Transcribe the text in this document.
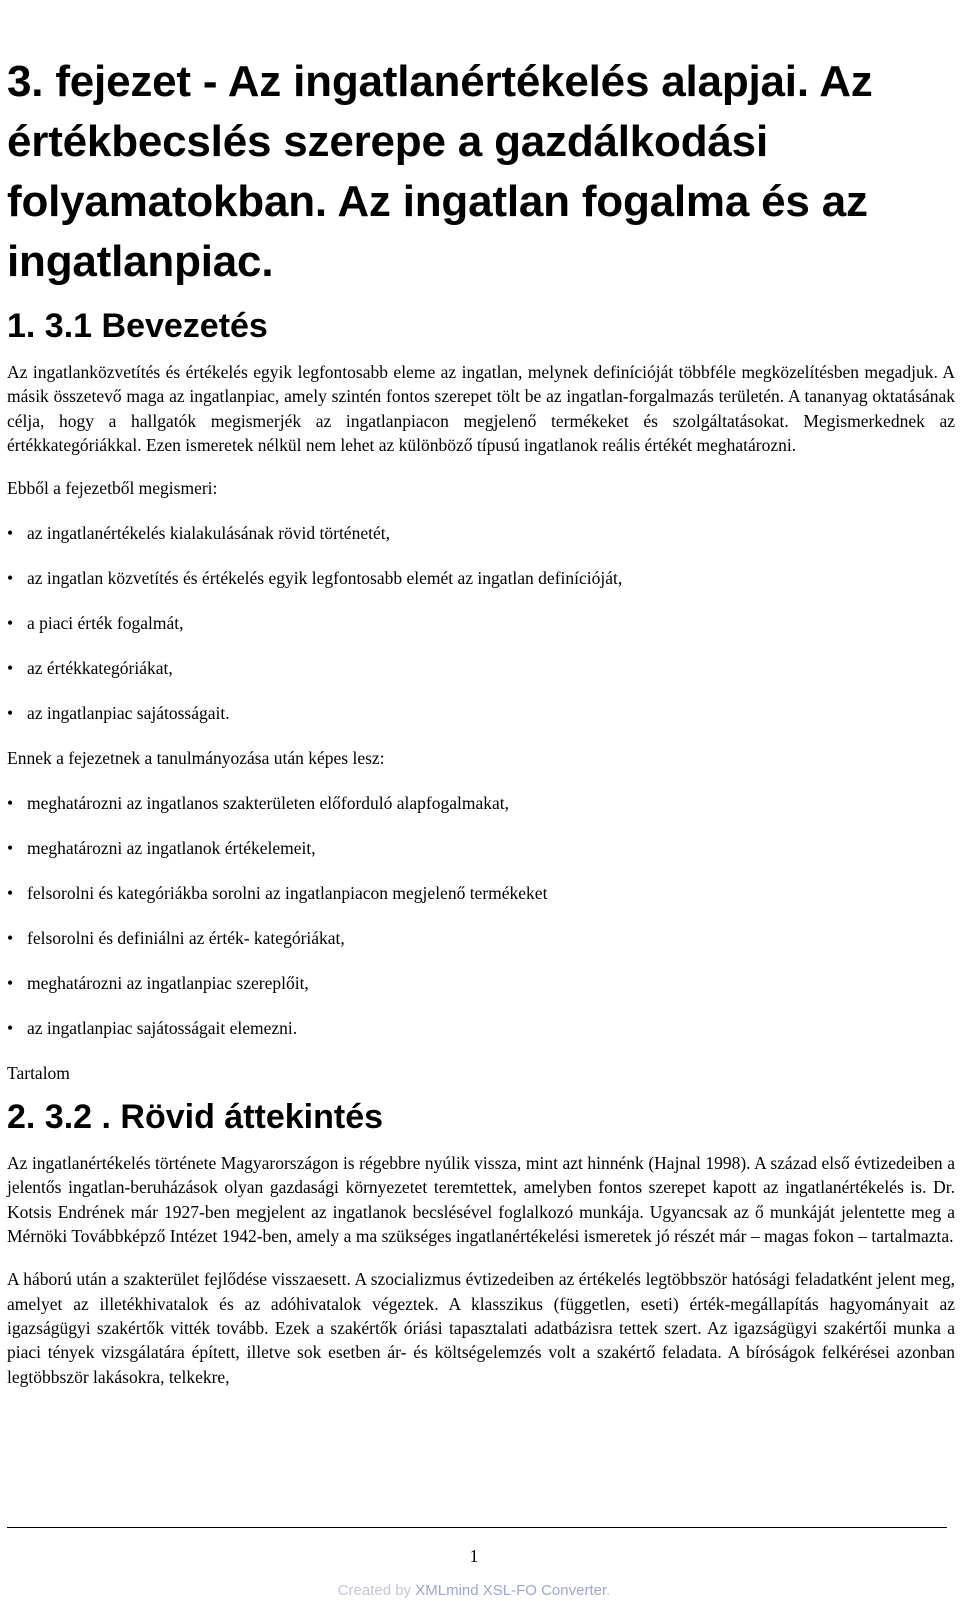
3. fejezet - Az ingatlanértékelés alapjai. Az értékbecslés szerepe a gazdálkodási folyamatokban. Az ingatlan fogalma és az ingatlanpiac.
1. 3.1 Bevezetés

Az ingatlanközvetítés és értékelés egyik legfontosabb eleme az ingatlan, melynek definícióját többféle megközelítésben megadjuk. A másik összetevő maga az ingatlanpiac, amely szintén fontos szerepet tölt be az ingatlan-forgalmazás területén. A tananyag oktatásának célja, hogy a hallgatók megismerjék az ingatlanpiacon megjelenő termékeket és szolgáltatásokat. Megismerkednek az értékkategóriákkal. Ezen ismeretek nélkül nem lehet az különböző típusú ingatlanok reális értékét meghatározni.

Ebből a fejezetből megismeri:

• az ingatlanértékelés kialakulásának rövid történetét,
• az ingatlan közvetítés és értékelés egyik legfontosabb elemét az ingatlan definícióját,
• a piaci érték fogalmát,
• az értékkategóriákat,
• az ingatlanpiac sajátosságait.

Ennek a fejezetnek a tanulmányozása után képes lesz:

• meghatározni az ingatlanos szakterületen előforduló alapfogalmakat,
• meghatározni az ingatlanok értékelemeit,
• felsorolni és kategóriákba sorolni az ingatlanpiacon megjelenő termékeket
• felsorolni és definiálni az érték- kategóriákat,
• meghatározni az ingatlanpiac szereplőit,
• az ingatlanpiac sajátosságait elemezni.

Tartalom

2. 3.2 . Rövid áttekintés

Az ingatlanértékelés története Magyarországon is régebbre nyúlik vissza, mint azt hinnénk (Hajnal 1998). A század első évtizedeiben a jelentős ingatlan-beruházások olyan gazdasági környezetet teremtettek, amelyben fontos szerepet kapott az ingatlanértékelés is. Dr. Kotsis Endrének már 1927-ben megjelent az ingatlanok becslésével foglalkozó munkája. Ugyancsak az ő munkáját jelentette meg a Mérnöki Továbbképző Intézet 1942-ben, amely a ma szükséges ingatlanértékelési ismeretek jó részét már – magas fokon – tartalmazta.

A háború után a szakterület fejlődése visszaesett. A szocializmus évtizedeiben az értékelés legtöbbször hatósági feladatként jelent meg, amelyet az illetékhivatalok és az adóhivatalok végeztek. A klasszikus (független, eseti) érték-megállapítás hagyományait az igazságügyi szakértők vitték tovább. Ezek a szakértők óriási tapasztalati adatbázisra tettek szert. Az igazságügyi szakértői munka a piaci tények vizsgálatára épített, illetve sok esetben ár- és költségelemzés volt a szakértő feladata. A bíróságok felkérései azonban legtöbbször lakásokra, telkekre,

1
Created by XMLmind XSL-FO Converter.
